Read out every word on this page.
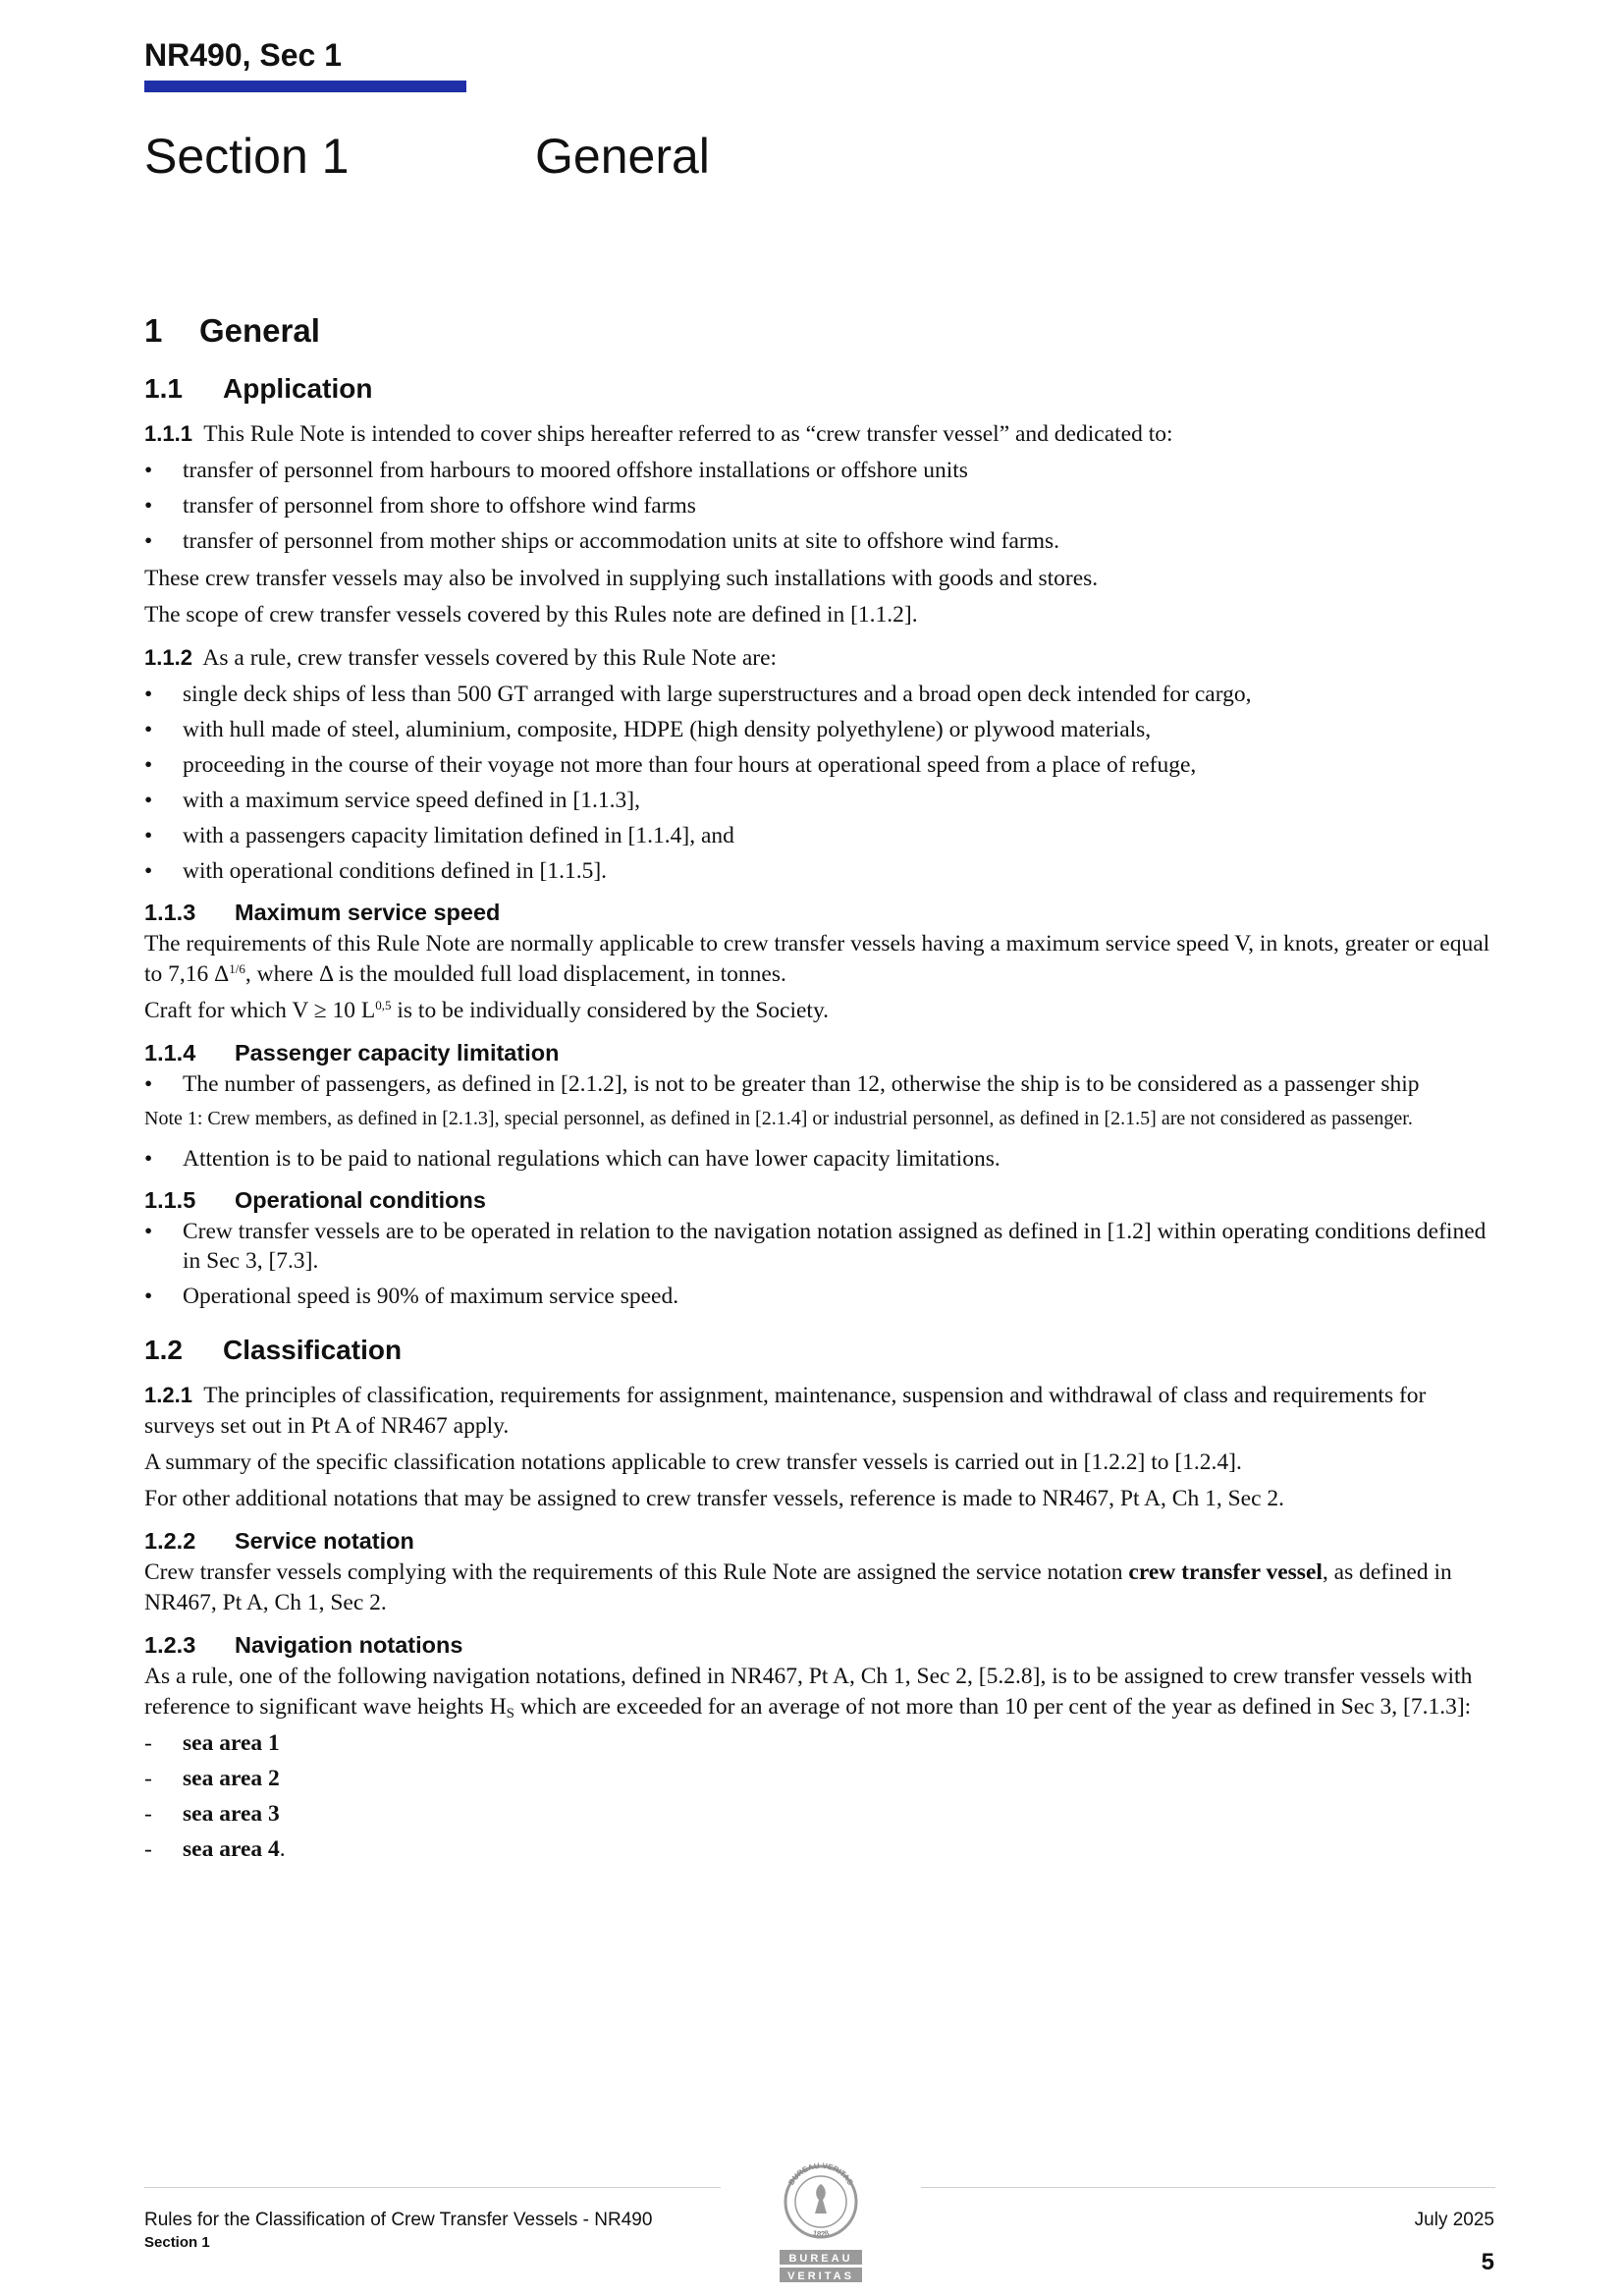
NR490, Sec 1
Section 1	General
1 General
1.1 Application

1.1.1 This Rule Note is intended to cover ships hereafter referred to as “crew transfer vessel” and dedicated to:

• transfer of personnel from harbours to moored offshore installations or offshore units
• transfer of personnel from shore to offshore wind farms
• transfer of personnel from mother ships or accommodation units at site to offshore wind farms.

These crew transfer vessels may also be involved in supplying such installations with goods and stores.

The scope of crew transfer vessels covered by this Rules note are defined in [1.1.2].

1.1.2 As a rule, crew transfer vessels covered by this Rule Note are:

• single deck ships of less than 500 GT arranged with large superstructures and a broad open deck intended for cargo,
• with hull made of steel, aluminium, composite, HDPE (high density polyethylene) or plywood materials,
• proceeding in the course of their voyage not more than four hours at operational speed from a place of refuge,
• with a maximum service speed defined in [1.1.3],
• with a passengers capacity limitation defined in [1.1.4], and
• with operational conditions defined in [1.1.5].
1.1.3 Maximum service speed

The requirements of this Rule Note are normally applicable to crew transfer vessels having a maximum service speed V, in knots, greater or equal to 7,16 $\Delta^{1/6}$, where Δ is the moulded full load displacement, in tonnes.

Craft for which V ≥ 10 L$^{0,5}$ is to be individually considered by the Society.

1.1.4 Passenger capacity limitation
• The number of passengers, as defined in [2.1.2], is not to be greater than 12, otherwise the ship is to be considered as a passenger ship
Note 1: Crew members, as defined in [2.1.3], special personnel, as defined in [2.1.4] or industrial personnel, as defined in [2.1.5] are not considered as passenger.
• Attention is to be paid to national regulations which can have lower capacity limitations.
1.1.5 Operational conditions
• Crew transfer vessels are to be operated in relation to the navigation notation assigned as defined in [1.2] within operating conditions defined in Sec 3, [7.3].
• Operational speed is 90% of maximum service speed.
1.2 Classification

1.2.1 The principles of classification, requirements for assignment, maintenance, suspension and withdrawal of class and requirements for surveys set out in Pt A of NR467 apply.

A summary of the specific classification notations applicable to crew transfer vessels is carried out in [1.2.2] to [1.2.4].

For other additional notations that may be assigned to crew transfer vessels, reference is made to NR467, Pt A, Ch 1, Sec 2.

1.2.2 Service notation

Crew transfer vessels complying with the requirements of this Rule Note are assigned the service notation crew transfer vessel, as defined in NR467, Pt A, Ch 1, Sec 2.

1.2.3 Navigation notations

As a rule, one of the following navigation notations, defined in NR467, Pt A, Ch 1, Sec 2, [5.2.8], is to be assigned to crew transfer vessels with reference to significant wave heights $H_S$ which are exceeded for an average of not more than 10 per cent of the year as defined in Sec 3, [7.1.3]:

- sea area 1
- sea area 2
- sea area 3
- sea area 4.
Rules for the Classification of Crew Transfer Vessels - NR490
Section 1
July 2025
5
BUREAU VERITAS
1828
BUREAU
VERITAS
